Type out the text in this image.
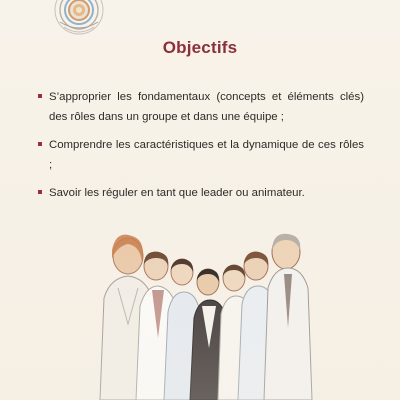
Objectifs
S’approprier les fondamentaux (concepts et éléments clés) des rôles dans un groupe et dans une équipe ;
Comprendre les caractéristiques et la dynamique de ces rôles ;
Savoir les réguler en tant que leader ou animateur.
